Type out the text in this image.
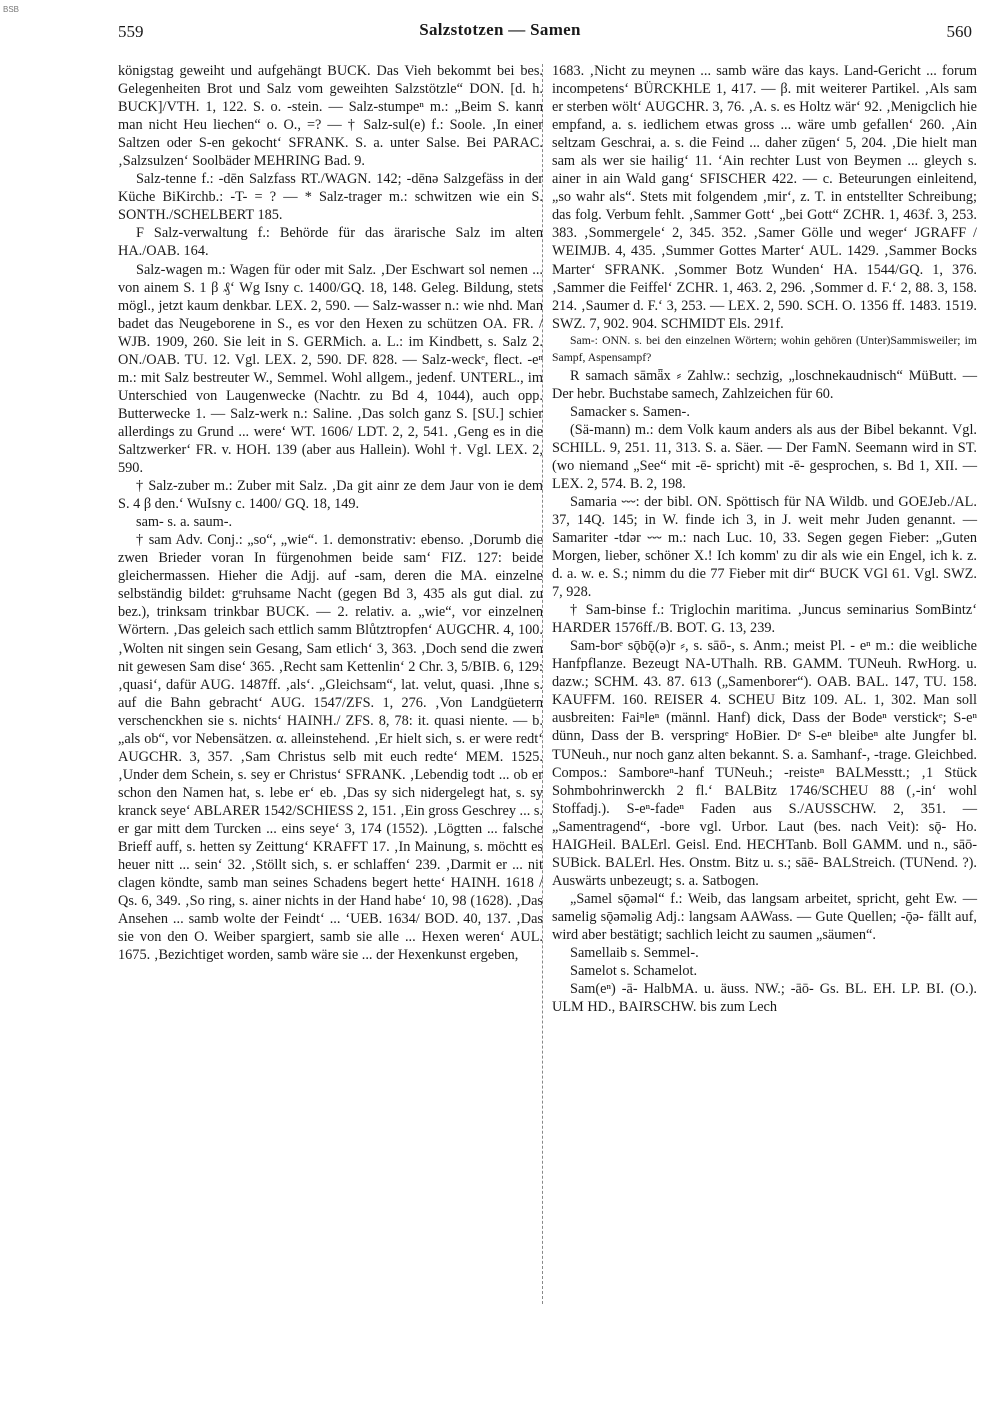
BSB
559	Salzstotzen — Samen	560

königstag geweiht und aufgehängt BUCK. Das Vieh bekommt bei bes. Gelegenheiten Brot und Salz vom geweihten Salzstötzle“ DON. [d. h. BUCK]/VTH. 1, 122. S. o. -stein. — Salz-stumpeⁿ m.: „Beim S. kann man nicht Heu liechen“ o. O., =? — † Salz-sul(e) f.: Soole. ‚In einer Saltzen oder S-en gekocht‘ SFRANK. S. a. unter Salse. Bei PARAC. ‚Salzsulzen‘ Soolbäder MEHRING Bad. 9.

Salz-tenne f.: -dēn Salzfass RT./WAGN. 142; -dēnə Salzgefäss in der Küche BiKirchb.: -T- = ? — * Salz-trager m.: schwitzen wie ein S. SONTH./SCHELBERT 185.

F Salz-verwaltung f.: Behörde für das ärarische Salz im alten HA./OAB. 164.

Salz-wagen m.: Wagen für oder mit Salz. ‚Der Eschwart sol nemen ... von ainem S. 1 β ₰‘ Wg Isny c. 1400/GQ. 18, 148. Geleg. Bildung, stets mögl., jetzt kaum denkbar. LEX. 2, 590. — Salz-wasser n.: wie nhd. Man badet das Neugeborene in S., es vor den Hexen zu schützen OA. FR. / WJB. 1909, 260. Sie leit in S. GERMich. a. L.: im Kindbett, s. Salz 2. ON./OAB. TU. 12. Vgl. LEX. 2, 590. DF. 828. — Salz-weckᵉ, flect. -eⁿ m.: mit Salz bestreuter W., Semmel. Wohl allgem., jedenf. UNTERL., im Unterschied von Laugenwecke (Nachtr. zu Bd 4, 1044), auch opp. Butterwecke 1. — Salz-werk n.: Saline. ‚Das solch ganz S. [SU.] schier allerdings zu Grund ... were‘ WT. 1606/ LDT. 2, 2, 541. ‚Geng es in die Saltzwerker‘ FR. v. HOH. 139 (aber aus Hallein). Wohl †. Vgl. LEX. 2, 590.

† Salz-zuber m.: Zuber mit Salz. ‚Da git ainr ze dem Jaur von ie dem S. 4 β den.‘ WuIsny c. 1400/ GQ. 18, 149.

sam- s. a. saum-.

† sam Adv. Conj.: „so“, „wie“. 1. demonstrativ: ebenso. ‚Dorumb die zwen Brieder voran In fürgenohmen beide sam‘ FIZ. 127: beide gleichermassen. Hieher die Adjj. auf -sam, deren die MA. einzelne selbständig bildet: gᵉruhsame Nacht (gegen Bd 3, 435 als gut dial. zu bez.), trinksam trinkbar BUCK. — 2. relativ. a. „wie“, vor einzelnen Wörtern. ‚Das geleich sach ettlich samm Blůtztropfen‘ AUGCHR. 4, 100. ‚Wolten nit singen sein Gesang, Sam etlich‘ 3, 363. ‚Doch send die zwen nit gewesen Sam dise‘ 365. ‚Recht sam Kettenlin‘ 2 Chr. 3, 5/BIB. 6, 129: ‚quasi‘, dafür AUG. 1487ff. ‚als‘. „Gleichsam“, lat. velut, quasi. ‚Ihne s. auf die Bahn gebracht‘ AUG. 1547/ZFS. 1, 276. ‚Von Landgüetern verschenckhen sie s. nichts‘ HAINH./ ZFS. 8, 78: it. quasi niente. — b. „als ob“, vor Nebensätzen. α. alleinstehend. ‚Er hielt sich, s. er were redt‘ AUGCHR. 3, 357. ‚Sam Christus selb mit euch redte‘ MEM. 1525. ‚Under dem Schein, s. sey er Christus‘ SFRANK. ‚Lebendig todt ... ob er schon den Namen hat, s. lebe er‘ eb. ‚Das sy sich nidergelegt hat, s. sy kranck seye‘ ABLARER 1542/SCHIESS 2, 151. ‚Ein gross Geschrey ... s. er gar mitt dem Turcken ... eins seye‘ 3, 174 (1552). ‚Lögtten ... falsche Brieff auff, s. hetten sy Zeittung‘ KRAFFT 17. ‚In Mainung, s. möchtt es heuer nitt ... sein‘ 32. ‚Stöllt sich, s. er schlaffen‘ 239. ‚Darmit er ... nit clagen köndte, samb man seines Schadens begert hette‘ HAINH. 1618 / Qs. 6, 349. ‚So ring, s. ainer nichts in der Hand habe‘ 10, 98 (1628). ‚Das Ansehen ... samb wolte der Feindt‘ ... ‘UEB. 1634/ BOD. 40, 137. ‚Das sie von den O. Weiber spargiert, samb sie alle ... Hexen weren‘ AUL. 1675. ‚Bezichtiget worden, samb wäre sie ... der Hexenkunst ergeben,

1683. ‚Nicht zu meynen ... samb wäre das kays. Land-Gericht ... forum incompetens‘ BÜRCKHLE 1, 417. — β. mit weiterer Partikel. ‚Als sam er sterben wölt‘ AUGCHR. 3, 76. ‚A. s. es Holtz wär‘ 92. ‚Menigclich hie empfand, a. s. iedlichem etwas gross ... wäre umb gefallen‘ 260. ‚Ain seltzam Geschrai, a. s. die Feind ... daher zūgen‘ 5, 204. ‚Die hielt man sam als wer sie hailig‘ 11. ‘Ain rechter Lust von Beymen ... gleych s. ainer in ain Wald gang‘ SFISCHER 422. — c. Beteurungen einleitend, „so wahr als“. Stets mit folgendem ‚mir‘, z. T. in entstellter Schreibung; das folg. Verbum fehlt. ‚Sammer Gott‘ „bei Gott“ ZCHR. 1, 463f. 3, 253. 383. ‚Sommergele‘ 2, 345. 352. ‚Samer Gölle und weger‘ JGRAFF / WEIMJB. 4, 435. ‚Summer Gottes Marter‘ AUL. 1429. ‚Sammer Bocks Marter‘ SFRANK. ‚Sommer Botz Wunden‘ HA. 1544/GQ. 1, 376. ‚Sammer die Feiffel‘ ZCHR. 1, 463. 2, 296. ‚Sommer d. F.‘ 2, 88. 3, 158. 214. ‚Saumer d. F.‘ 3, 253. — LEX. 2, 590. SCH. O. 1356 ff. 1483. 1519. SWZ. 7, 902. 904. SCHMIDT Els. 291f.

Sam-: ONN. s. bei den einzelnen Wörtern; wohin gehören (Unter)Sammisweiler; im Sampf, Aspensampf?

R samach sāmǟx ⸗ Zahlw.: sechzig, „loschnekaudnisch“ MüButt. — Der hebr. Buchstabe samech, Zahlzeichen für 60.

Samacker s. Samen-.

(Sä-mann) m.: dem Volk kaum anders als aus der Bibel bekannt. Vgl. SCHILL. 9, 251. 11, 313. S. a. Säer. — Der FamN. Seemann wird in ST. (wo niemand „See“ mit -ē- spricht) mit -ē- gesprochen, s. Bd 1, XII. — LEX. 2, 574. B. 2, 198.

Samaria ⏑⏑⏑: der bibl. ON. Spöttisch für NA Wildb. und GOEJeb./AL. 37, 14Q. 145; in W. finde ich 3, in J. weit mehr Juden genannt. — Samariter -tdər ⏑⏑⏑ m.: nach Luc. 10, 33. Segen gegen Fieber: „Guten Morgen, lieber, schöner X.! Ich komm' zu dir als wie ein Engel, ich k. z. d. a. w. e. S.; nimm du die 77 Fieber mit dir“ BUCK VGl 61. Vgl. SWZ. 7, 928.

† Sam-binse f.: Triglochin maritima. ‚Juncus seminarius SomBintz‘ HARDER 1576ff./B. BOT. G. 13, 239.

Sam-borᵉ sǭbǭ(ə)r ⸗, s. sāō-, s. Anm.; meist Pl. - eⁿ m.: die weibliche Hanfpflanze. Bezeugt NA-UThalh. RB. GAMM. TUNeuh. RwHorg. u. dazw.; SCHM. 43. 87. 613 („Samenborer“). OAB. BAL. 147, TU. 158. KAUFFM. 160. REISER 4. SCHEU Bitz 109. AL. 1, 302. Man soll ausbreiten: Faiⁿleⁿ (männl. Hanf) dick, Dass der Bodeⁿ verstickᵉ; S-eⁿ dünn, Dass der B. verspringᵉ HoBier. Dᵉ S-eⁿ bleibeⁿ alte Jungfer bl. TUNeuh., nur noch ganz alten bekannt. S. a. Samhanf-, -trage. Gleichbed. Compos.: Samboreⁿ-hanf TUNeuh.; -reisteⁿ BALMesstt.; ‚1 Stück Sohmbohrinwerckh 2 fl.‘ BALBitz 1746/SCHEU 88 (‚-in‘ wohl Stoffadj.). S-eⁿ-fadeⁿ Faden aus S./AUSSCHW. 2, 351. — „Samentragend“, -bore vgl. Urbor. Laut (bes. nach Veit): sǭ- Ho. HAIGHeil. BALErl. Geisl. End. HECHTanb. Boll GAMM. und n., sāō- SUBick. BALErl. Hes. Onstm. Bitz u. s.; sāē- BALStreich. (TUNend. ?). Auswärts unbezeugt; s. a. Satbogen.

„Samel sǭəməl“ f.: Weib, das langsam arbeitet, spricht, geht Ew. — samelig sǭəməlig Adj.: langsam AAWass. — Gute Quellen; -ǭə- fällt auf, wird aber bestätigt; sachlich leicht zu saumen „säumen“.

Samellaib s. Semmel-.

Samelot s. Schamelot.

Sam(eⁿ) -ā- HalbMA. u. äuss. NW.; -āō- Gs. BL. EH. LP. BI. (O.). ULM HD., BAIRSCHW. bis zum Lech
